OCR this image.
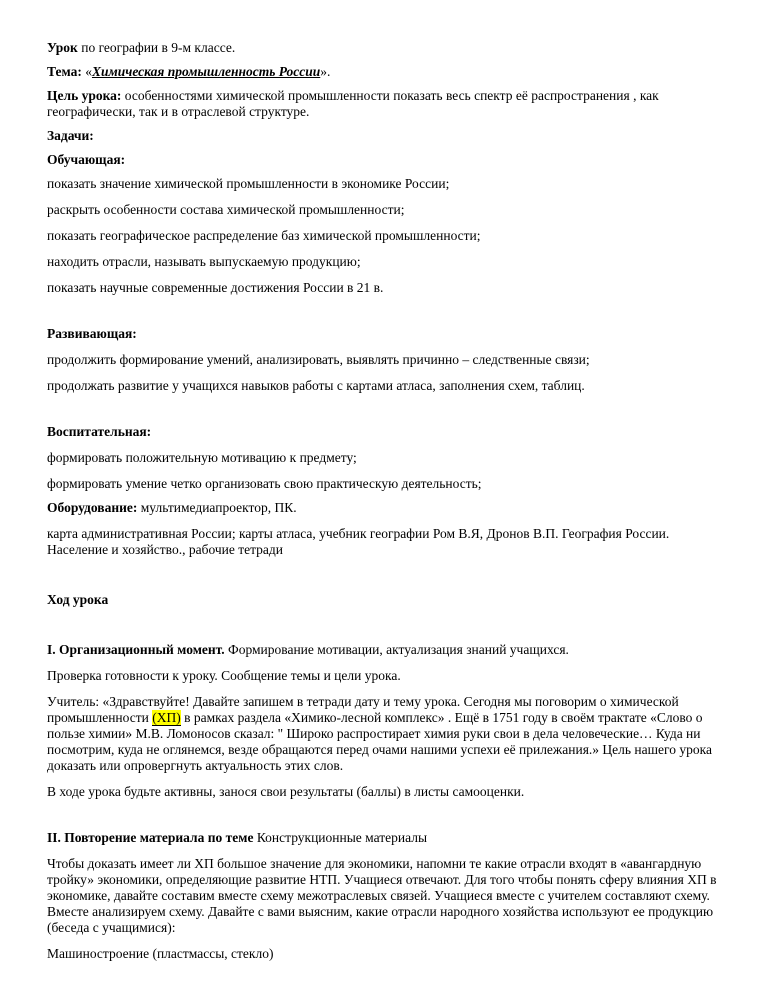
Урок по географии в 9-м классе.

Тема: «Химическая промышленность России».

Цель урока: особенностями химической промышленности показать весь спектр её распространения , как географически, так и в отраслевой структуре.

Задачи:

Обучающая:

показать значение химической промышленности в экономике России;

раскрыть особенности состава химической промышленности;

показать географическое распределение баз химической промышленности;

находить отрасли, называть выпускаемую продукцию;

показать научные современные достижения России в 21 в.

Развивающая:

продолжить формирование умений, анализировать, выявлять причинно – следственные связи;

продолжать развитие у учащихся навыков работы с картами атласа, заполнения схем, таблиц.

Воспитательная:

формировать положительную мотивацию к предмету;

формировать умение четко организовать свою практическую деятельность;

Оборудование: мультимедиапроектор, ПК.

карта административная России; карты атласа, учебник географии Ром В.Я, Дронов В.П. География России. Население и хозяйство., рабочие тетради

Ход урока

I. Организационный момент. Формирование мотивации, актуализация знаний учащихся.

Проверка готовности к уроку. Сообщение темы и цели урока.

Учитель: «Здравствуйте! Давайте запишем в тетради дату и тему урока. Сегодня мы поговорим о химической промышленности (ХП) в рамках раздела «Химико-лесной комплекс» . Ещё в 1751 году в своём трактате «Слово о пользе химии» М.В. Ломоносов сказал: " Широко распростирает химия руки свои в дела человеческие… Куда ни посмотрим, куда не оглянемся, везде обращаются перед очами нашими успехи её прилежания.» Цель нашего урока доказать или опровергнуть актуальность этих слов.

В ходе урока будьте активны, занося свои результаты (баллы) в листы самооценки.

II. Повторение материала по теме Конструкционные материалы

Чтобы доказать имеет ли ХП большое значение для экономики, напомни те какие отрасли входят в «авангардную тройку» экономики, определяющие развитие НТП. Учащиеся отвечают. Для того чтобы понять сферу влияния ХП в экономике, давайте составим вместе схему межотраслевых связей. Учащиеся вместе с учителем составляют схему. Вместе анализируем схему. Давайте с вами выясним, какие отрасли народного хозяйства используют ее продукцию (беседа с учащимися):

Машиностроение (пластмассы, стекло)
